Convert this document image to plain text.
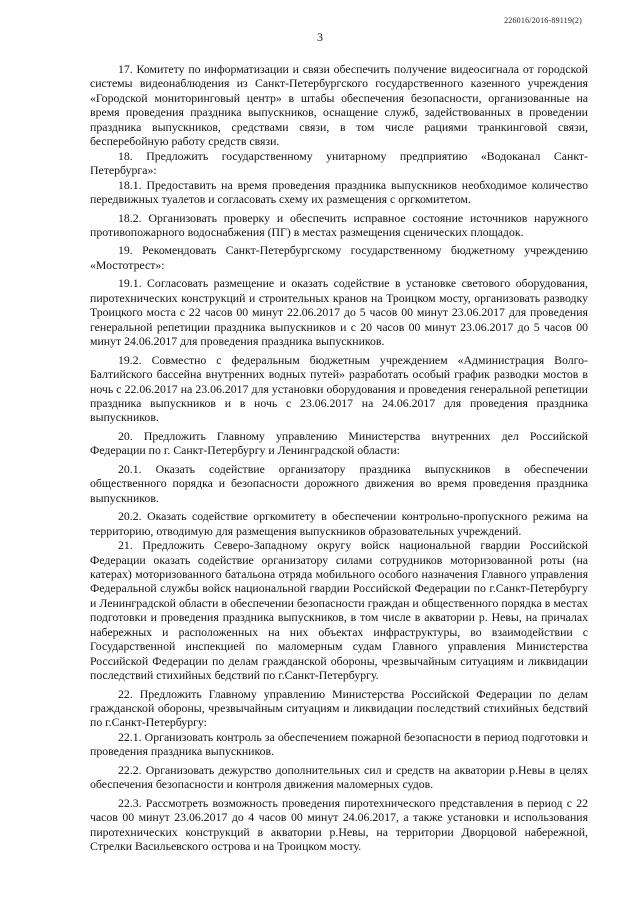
226016/2016-89119(2)
3

17. Комитету по информатизации и связи обеспечить получение видеосигнала от городской системы видеонаблюдения из Санкт-Петербургского государственного казенного учреждения «Городской мониторинговый центр» в штабы обеспечения безопасности, организованные на время проведения праздника выпускников, оснащение служб, задействованных в проведении праздника выпускников, средствами связи, в том числе рациями транкинговой связи, бесперебойную работу средств связи.

18. Предложить государственному унитарному предприятию «Водоканал Санкт-Петербурга»:

18.1. Предоставить на время проведения праздника выпускников необходимое количество передвижных туалетов и согласовать схему их размещения с оргкомитетом.

18.2. Организовать проверку и обеспечить исправное состояние источников наружного противопожарного водоснабжения (ПГ) в местах размещения сценических площадок.

19. Рекомендовать Санкт-Петербургскому государственному бюджетному учреждению «Мостотрест»:

19.1. Согласовать размещение и оказать содействие в установке светового оборудования, пиротехнических конструкций и строительных кранов на Троицком мосту, организовать разводку Троицкого моста с 22 часов 00 минут 22.06.2017 до 5 часов 00 минут 23.06.2017 для проведения генеральной репетиции праздника выпускников и с 20 часов 00 минут 23.06.2017 до 5 часов 00 минут 24.06.2017 для проведения праздника выпускников.

19.2. Совместно с федеральным бюджетным учреждением «Администрация Волго-Балтийского бассейна внутренних водных путей» разработать особый график разводки мостов в ночь с 22.06.2017 на 23.06.2017 для установки оборудования и проведения генеральной репетиции праздника выпускников и в ночь с 23.06.2017 на 24.06.2017 для проведения праздника выпускников.

20. Предложить Главному управлению Министерства внутренних дел Российской Федерации по г. Санкт-Петербургу и Ленинградской области:

20.1. Оказать содействие организатору праздника выпускников в обеспечении общественного порядка и безопасности дорожного движения во время проведения праздника выпускников.

20.2. Оказать содействие оргкомитету в обеспечении контрольно-пропускного режима на территорию, отводимую для размещения выпускников образовательных учреждений.

21. Предложить Северо-Западному округу войск национальной гвардии Российской Федерации оказать содействие организатору силами сотрудников моторизованной роты (на катерах) моторизованного батальона отряда мобильного особого назначения Главного управления Федеральной службы войск национальной гвардии Российской Федерации по г.Санкт-Петербургу и Ленинградской области в обеспечении безопасности граждан и общественного порядка в местах подготовки и проведения праздника выпускников, в том числе в акватории р. Невы, на причалах набережных и расположенных на них объектах инфраструктуры, во взаимодействии с Государственной инспекцией по маломерным судам Главного управления Министерства Российской Федерации по делам гражданской обороны, чрезвычайным ситуациям и ликвидации последствий стихийных бедствий по г.Санкт-Петербургу.

22. Предложить Главному управлению Министерства Российской Федерации по делам гражданской обороны, чрезвычайным ситуациям и ликвидации последствий стихийных бедствий по г.Санкт-Петербургу:

22.1. Организовать контроль за обеспечением пожарной безопасности в период подготовки и проведения праздника выпускников.

22.2. Организовать дежурство дополнительных сил и средств на акватории р.Невы в целях обеспечения безопасности и контроля движения маломерных судов.

22.3. Рассмотреть возможность проведения пиротехнического представления в период с 22 часов 00 минут 23.06.2017 до 4 часов 00 минут 24.06.2017, а также установки и использования пиротехнических конструкций в акватории р.Невы, на территории Дворцовой набережной, Стрелки Васильевского острова и на Троицком мосту.
